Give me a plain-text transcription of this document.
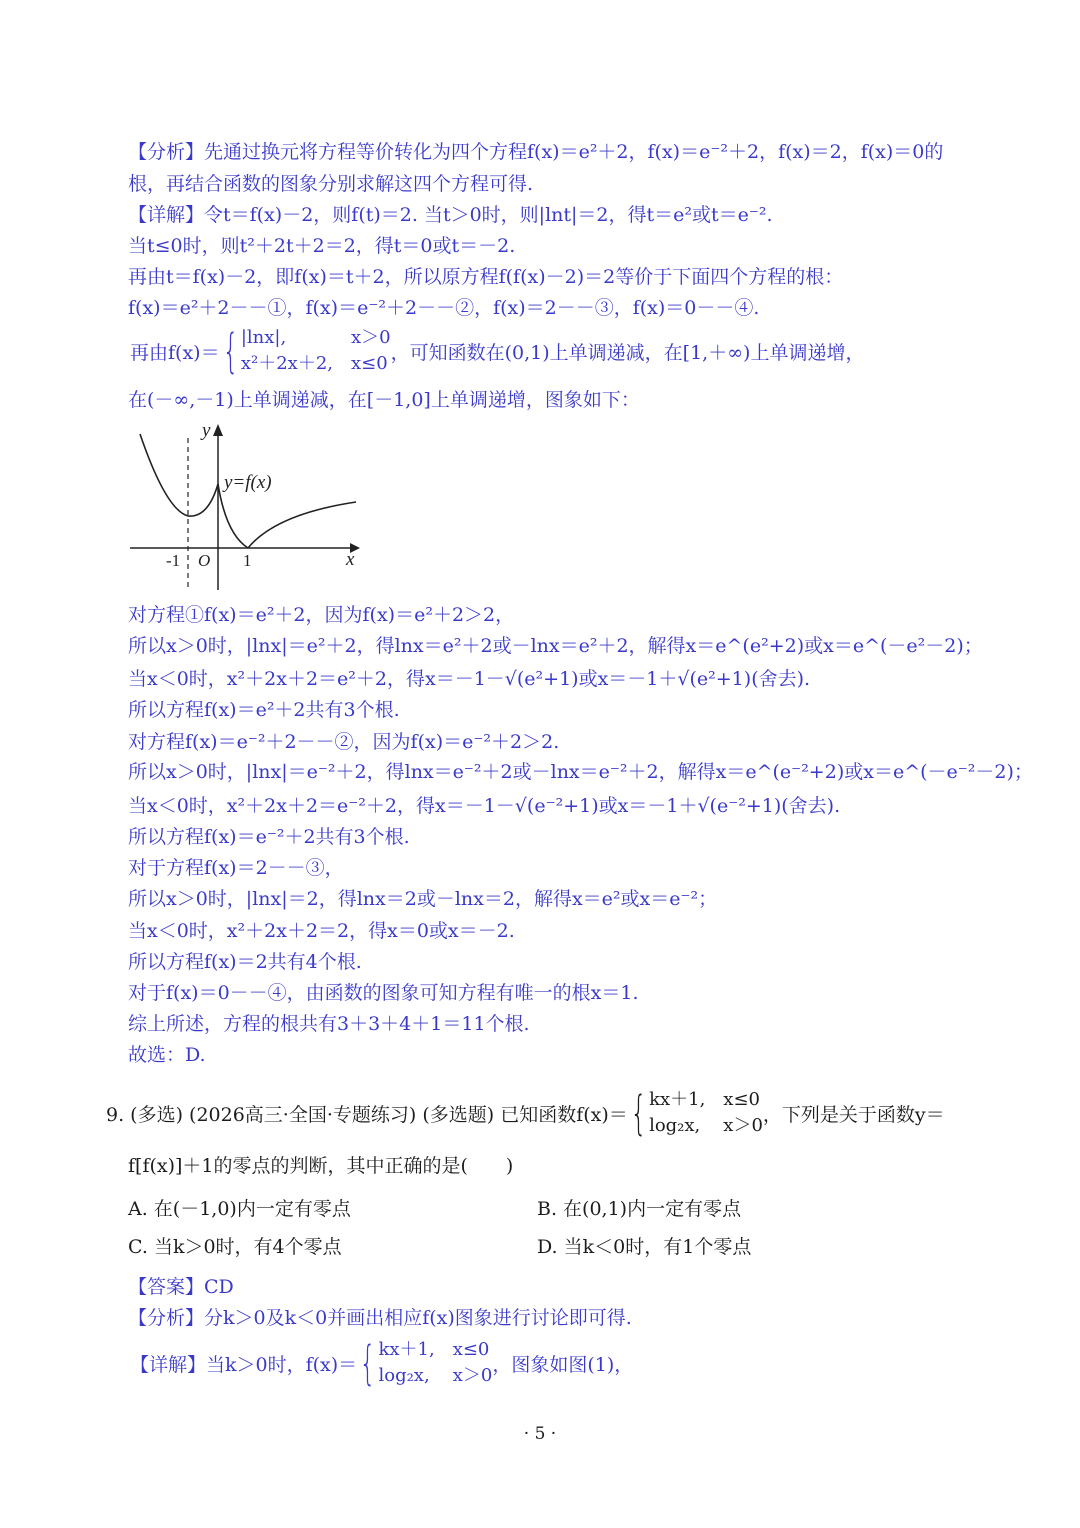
【分析】先通过换元将方程等价转化为四个方程f(x)＝e²＋2，f(x)＝e⁻²＋2，f(x)＝2，f(x)＝0的
根，再结合函数的图象分别求解这四个方程可得.
【详解】令t＝f(x)－2，则f(t)＝2. 当t＞0时，则|lnt|＝2，得t＝e²或t＝e⁻².
当t≤0时，则t²＋2t＋2＝2，得t＝0或t＝－2.
再由t＝f(x)－2，即f(x)＝t＋2，所以原方程f(f(x)－2)＝2等价于下面四个方程的根：
f(x)＝e²＋2－－①，f(x)＝e⁻²＋2－－②，f(x)＝2－－③，f(x)＝0－－④.
再由f(x)＝ { |lnx|,	x＞0
x²＋2x＋2, x≤0 ，可知函数在(0,1)上单调递减，在[1,＋∞)上单调递增，
在(－∞,－1)上单调递减，在[－1,0]上单调递增，图象如下：
y
x
y=f(x)
-1 O 1
对方程①f(x)＝e²＋2，因为f(x)＝e²＋2＞2，
所以x＞0时，|lnx|＝e²＋2，得lnx＝e²＋2或－lnx＝e²＋2，解得x＝e^(e²+2)或x＝e^(－e²－2)；
当x＜0时，x²＋2x＋2＝e²＋2，得x＝－1－√(e²+1)或x＝－1＋√(e²+1)(舍去).
所以方程f(x)＝e²＋2共有3个根.
对方程f(x)＝e⁻²＋2－－②，因为f(x)＝e⁻²＋2＞2.
所以x＞0时，|lnx|＝e⁻²＋2，得lnx＝e⁻²＋2或－lnx＝e⁻²＋2，解得x＝e^(e⁻²+2)或x＝e^(－e⁻²－2)；
当x＜0时，x²＋2x＋2＝e⁻²＋2，得x＝－1－√(e⁻²+1)或x＝－1＋√(e⁻²+1)(舍去).
所以方程f(x)＝e⁻²＋2共有3个根.
对于方程f(x)＝2－－③，
所以x＞0时，|lnx|＝2，得lnx＝2或－lnx＝2，解得x＝e²或x＝e⁻²；
当x＜0时，x²＋2x＋2＝2，得x＝0或x＝－2.
所以方程f(x)＝2共有4个根.
对于f(x)＝0－－④，由函数的图象可知方程有唯一的根x＝1.
综上所述，方程的根共有3＋3＋4＋1＝11个根.
故选：D.
9. (多选) (2026高三·全国·专题练习) (多选题) 已知函数f(x)＝ { kx＋1, x≤0
log₂x, x＞0 ，下列是关于函数y＝
f[f(x)]＋1的零点的判断，其中正确的是(　　)
A. 在(－1,0)内一定有零点	B. 在(0,1)内一定有零点
C. 当k＞0时，有4个零点	D. 当k＜0时，有1个零点
【答案】CD
【分析】分k＞0及k＜0并画出相应f(x)图象进行讨论即可得.
【详解】当k＞0时，f(x)＝ { kx＋1, x≤0
log₂x, x＞0 ，图象如图(1)，
· 5 ·
